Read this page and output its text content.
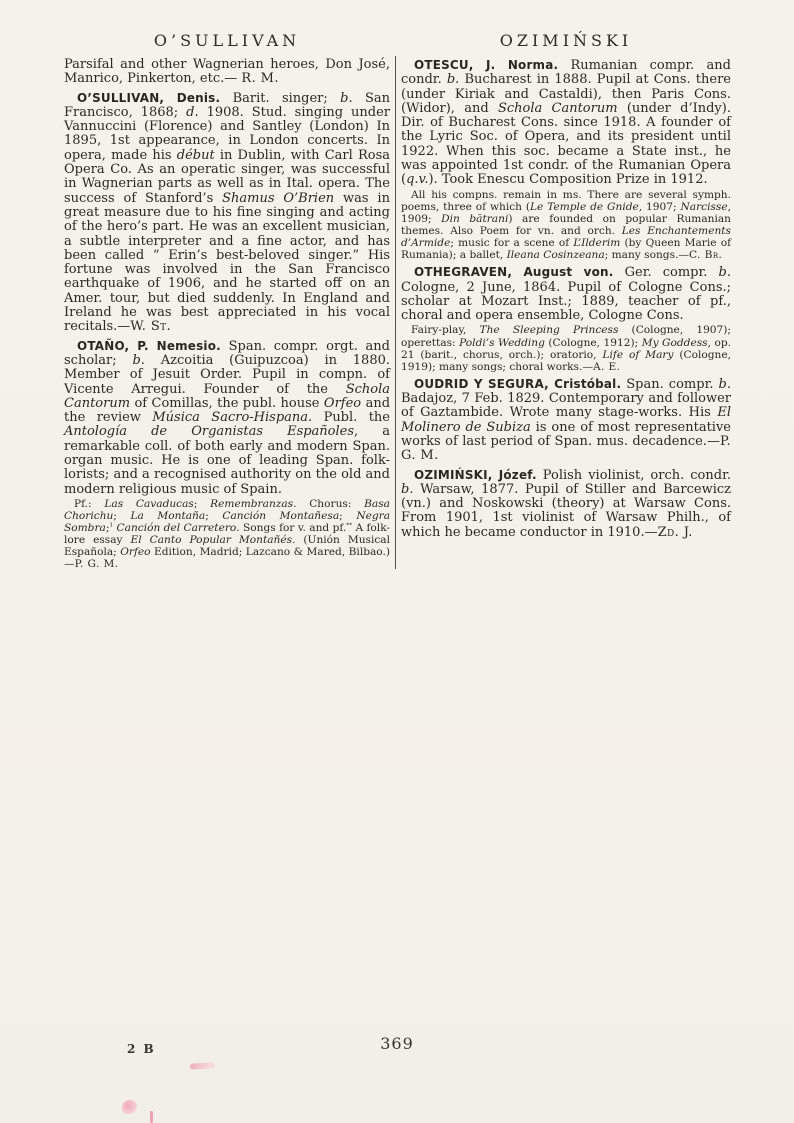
O’SULLIVAN	OZIMIŃSKI

Parsifal and other Wagnerian heroes, Don José, Manrico, Pinkerton, etc.— R. M.

O’SULLIVAN, Denis. Barit. singer; b. San Francisco, 1868; d. 1908. Stud. singing under Vannuccini (Florence) and Santley (London) In 1895, 1st appearance, in London concerts. In opera, made his début in Dublin, with Carl Rosa Opera Co. As an operatic singer, was successful in Wagnerian parts as well as in Ital. opera. The success of Stanford’s Shamus O’Brien was in great measure due to his fine singing and acting of the hero’s part. He was an excellent musician, a subtle interpreter and a fine actor, and has been called “ Erin’s best-beloved singer.” His fortune was involved in the San Francisco earthquake of 1906, and he started off on an Amer. tour, but died suddenly. In England and Ireland he was best appreciated in his vocal recitals.—W. St.

OTAÑO, P. Nemesio. Span. compr. orgt. and scholar; b. Azcoitia (Guipuzcoa) in 1880. Member of Jesuit Order. Pupil in compn. of Vicente Arregui. Founder of the Schola Cantorum of Comillas, the publ. house Orfeo and the review Música Sacro-Hispana. Publ. the Antología de Organistas Españoles, a remarkable coll. of both early and modern Span. organ music. He is one of leading Span. folk-lorists; and a recognised authority on the old and modern religious music of Spain.

Pf.: Las Cavaducas; Remembranzas. Chorus: Basa Chorichu; La Montaña; Canción Montañesa; Negra Sombra;$^1$ Canción del Carretero. Songs for v. and pf.** A folk-lore essay El Canto Popular Montañés. (Unión Musical Española; Orfeo Edition, Madrid; Lazcano & Mared, Bilbao.)—P. G. M.

OTESCU, J. Norma. Rumanian compr. and condr. b. Bucharest in 1888. Pupil at Cons. there (under Kiriak and Castaldi), then Paris Cons. (Widor), and Schola Cantorum (under d’Indy). Dir. of Bucharest Cons. since 1918. A founder of the Lyric Soc. of Opera, and its president until 1922. When this soc. became a State inst., he was appointed 1st condr. of the Rumanian Opera (q.v.). Took Enescu Composition Prize in 1912.

All his compns. remain in ms. There are several symph. poems, three of which (Le Temple de Gnide, 1907; Narcisse, 1909; Din bătrani) are founded on popular Rumanian themes. Also Poem for vn. and orch. Les Enchantements d’Armide; music for a scene of L’Ilderim (by Queen Marie of Rumania); a ballet, Ileana Cosinzeana; many songs.—C. Br.

OTHEGRAVEN, August von. Ger. compr. b. Cologne, 2 June, 1864. Pupil of Cologne Cons.; scholar at Mozart Inst.; 1889, teacher of pf., choral and opera ensemble, Cologne Cons.

Fairy-play, The Sleeping Princess (Cologne, 1907); operettas: Poldi’s Wedding (Cologne, 1912); My Goddess, op. 21 (barit., chorus, orch.); oratorio, Life of Mary (Cologne, 1919); many songs; choral works.—A. E.

OUDRID Y SEGURA, Cristóbal. Span. compr. b. Badajoz, 7 Feb. 1829. Contemporary and follower of Gaztambide. Wrote many stage-works. His El Molinero de Subiza is one of most representative works of last period of Span. mus. decadence.—P. G. M.

OZIMIŃSKI, Józef. Polish violinist, orch. condr. b. Warsaw, 1877. Pupil of Stiller and Barcewicz (vn.) and Noskowski (theory) at Warsaw Cons. From 1901, 1st violinist of Warsaw Philh., of which he became conductor in 1910.—Zd. J.

2 B	369
